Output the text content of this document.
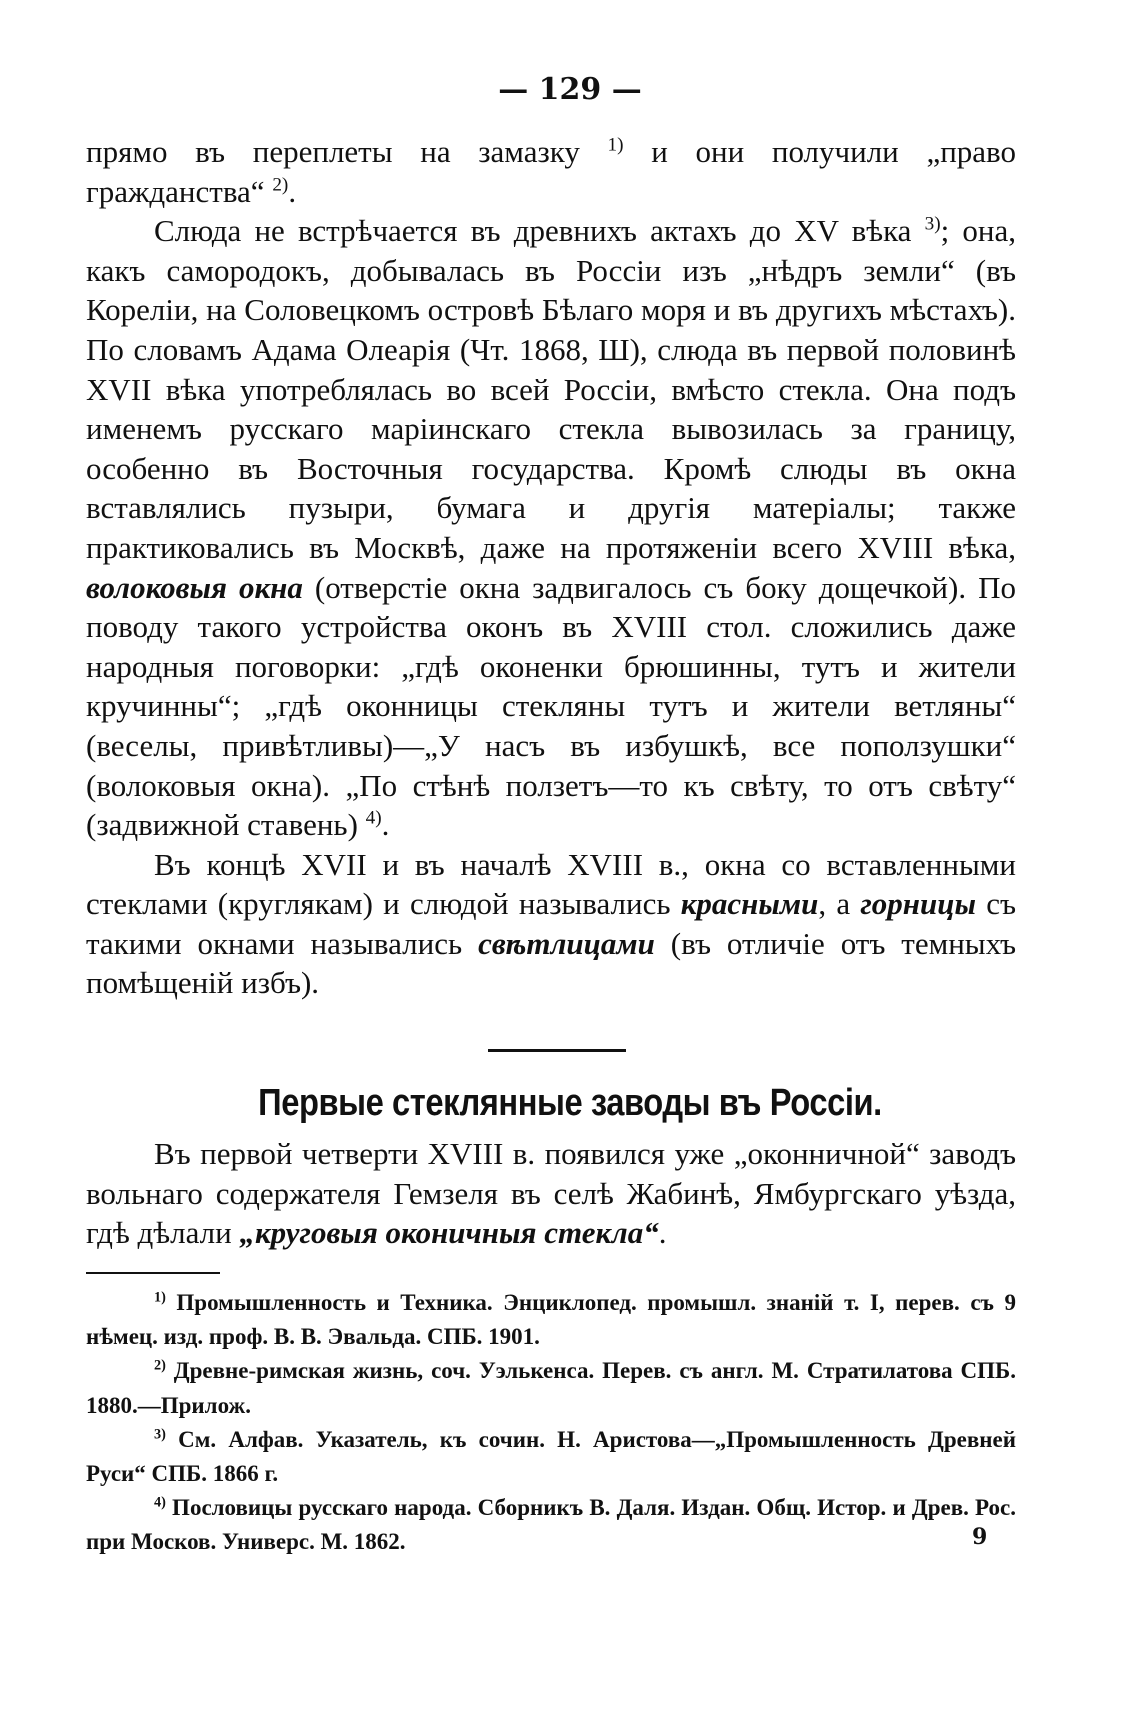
— 129 —

прямо въ переплеты на замазку $^{1)}$ и они получили „право гражданства“ $^{2)}$.

Слюда не встрѣчается въ древнихъ актахъ до XV вѣка $^{3)}$; она, какъ самородокъ, добывалась въ Россіи изъ „нѣдръ земли“ (въ Кореліи, на Соловецкомъ островѣ Бѣлаго моря и въ другихъ мѣстахъ). По словамъ Адама Олеарія (Чт. 1868, Ш), слюда въ первой половинѣ XVII вѣка употреблялась во всей Россіи, вмѣсто стекла. Она подъ именемъ русскаго маріинскаго стекла вывозилась за границу, особенно въ Восточныя государства. Кромѣ слюды въ окна вставлялись пузыри, бумага и другія матеріалы; также практиковались въ Москвѣ, даже на протяженіи всего XVIII вѣка, волоковыя окна (отверстіе окна задвигалось съ боку дощечкой). По поводу такого устройства оконъ въ XVIII стол. сложились даже народныя поговорки: „гдѣ оконенки брюшинны, тутъ и жители кручинны“; „гдѣ оконницы стекляны тутъ и жители ветляны“ (веселы, привѣтливы)—„У насъ въ избушкѣ, все поползушки“ (волоковыя окна). „По стѣнѣ ползетъ—то къ свѣту, то отъ свѣту“ (задвижной ставень) $^{4)}$.

Въ концѣ XVII и въ началѣ XVIII в., окна со вставленными стеклами (круглякам) и слюдой назывались красными, а горницы съ такими окнами назывались свѣтлицами (въ отличіе отъ темныхъ помѣщеній избъ).

Первые стеклянные заводы въ Россіи.

Въ первой четверти XVIII в. появился уже „оконничной“ заводъ вольнаго содержателя Гемзеля въ селѣ Жабинѣ, Ямбургскаго уѣзда, гдѣ дѣлали „круговыя оконичныя стекла“.

$^{1)}$ Промышленность и Техника. Энциклопед. промышл. знаній т. I, перев. съ 9 нѣмец. изд. проф. В. В. Эвальда. СПБ. 1901.

$^{2)}$ Древне-римская жизнь, соч. Уэлькенса. Перев. съ англ. М. Стратилатова СПБ. 1880.—Прилож.

$^{3)}$ См. Алфав. Указатель, къ сочин. Н. Аристова—„Промышленность Древней Руси“ СПБ. 1866 г.

$^{4)}$ Пословицы русскаго народа. Сборникъ В. Даля. Издан. Общ. Истор. и Древ. Рос. при Москов. Универс. М. 1862.	9
